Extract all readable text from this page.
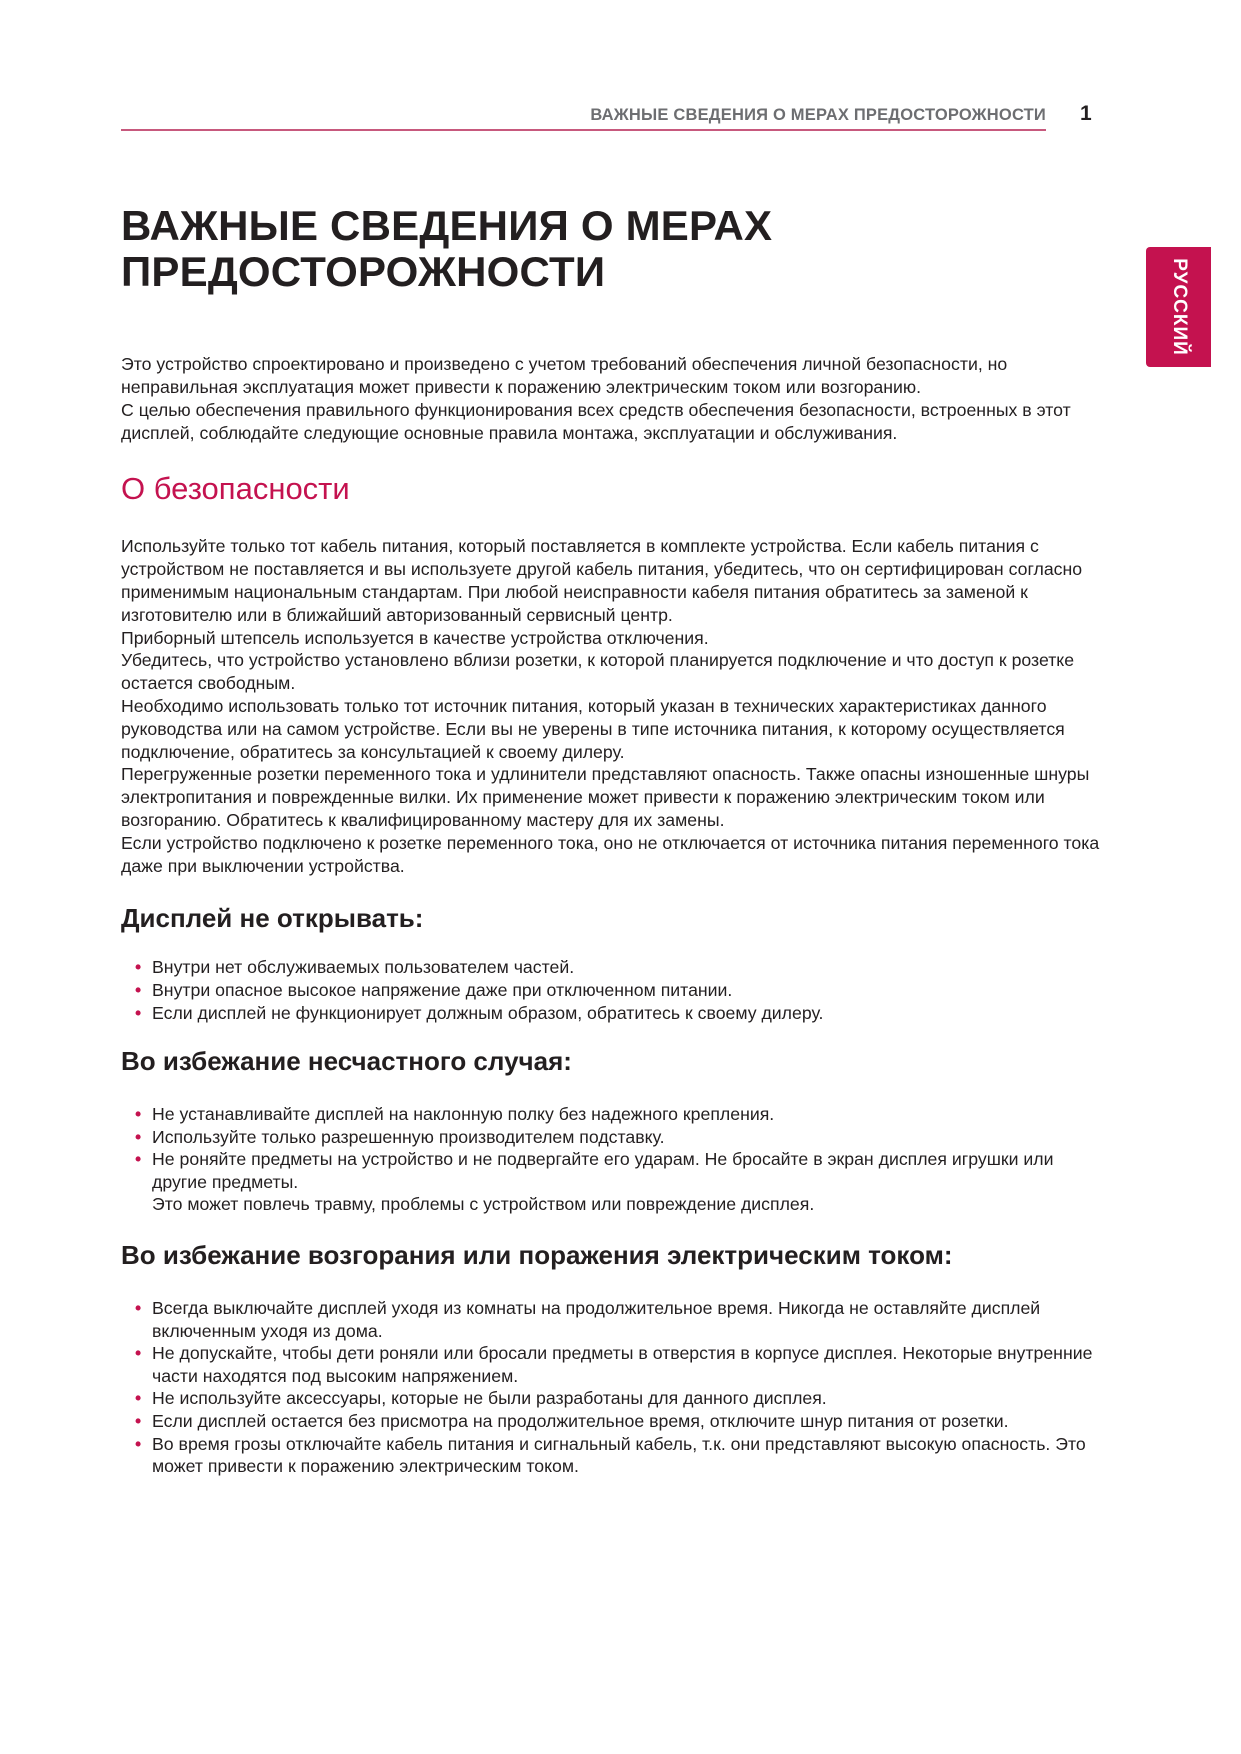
ВАЖНЫЕ СВЕДЕНИЯ О МЕРАХ ПРЕДОСТОРОЖНОСТИ 1
РУССКИЙ
ВАЖНЫЕ СВЕДЕНИЯ О МЕРАХ
ПРЕДОСТОРОЖНОСТИ

Это устройство спроектировано и произведено с учетом требований обеспечения личной безопасности, но неправильная эксплуатация может привести к поражению электрическим током или возгоранию.

С целью обеспечения правильного функционирования всех средств обеспечения безопасности, встроенных в этот дисплей, соблюдайте следующие основные правила монтажа, эксплуатации и обслуживания.

О безопасности

Используйте только тот кабель питания, который поставляется в комплекте устройства. Если кабель питания с устройством не поставляется и вы используете другой кабель питания, убедитесь, что он сертифицирован согласно применимым национальным стандартам. При любой неисправности кабеля питания обратитесь за заменой к изготовителю или в ближайший авторизованный сервисный центр.

Приборный штепсель используется в качестве устройства отключения.

Убедитесь, что устройство установлено вблизи розетки, к которой планируется подключение и что доступ к розетке остается свободным.

Необходимо использовать только тот источник питания, который указан в технических характеристиках данного руководства или на самом устройстве. Если вы не уверены в типе источника питания, к которому осуществляется подключение, обратитесь за консультацией к своему дилеру.

Перегруженные розетки переменного тока и удлинители представляют опасность. Также опасны изношенные шнуры электропитания и поврежденные вилки. Их применение может привести к поражению электрическим током или возгоранию. Обратитесь к квалифицированному мастеру для их замены.

Если устройство подключено к розетке переменного тока, оно не отключается от источника питания переменного тока даже при выключении устройства.

Дисплей не открывать:
• Внутри нет обслуживаемых пользователем частей.
• Внутри опасное высокое напряжение даже при отключенном питании.
• Если дисплей не функционирует должным образом, обратитесь к своему дилеру.
Во избежание несчастного случая:
• Не устанавливайте дисплей на наклонную полку без надежного крепления.
• Используйте только разрешенную производителем подставку.
• Не роняйте предметы на устройство и не подвергайте его ударам. Не бросайте в экран дисплея игрушки или другие предметы.
Это может повлечь травму, проблемы с устройством или повреждение дисплея.
Во избежание возгорания или поражения электрическим током:
• Всегда выключайте дисплей уходя из комнаты на продолжительное время. Никогда не оставляйте дисплей включенным уходя из дома.
• Не допускайте, чтобы дети роняли или бросали предметы в отверстия в корпусе дисплея. Некоторые внутренние части находятся под высоким напряжением.
• Не используйте аксессуары, которые не были разработаны для данного дисплея.
• Если дисплей остается без присмотра на продолжительное время, отключите шнур питания от розетки.
• Во время грозы отключайте кабель питания и сигнальный кабель, т.к. они представляют высокую опасность. Это может привести к поражению электрическим током.
